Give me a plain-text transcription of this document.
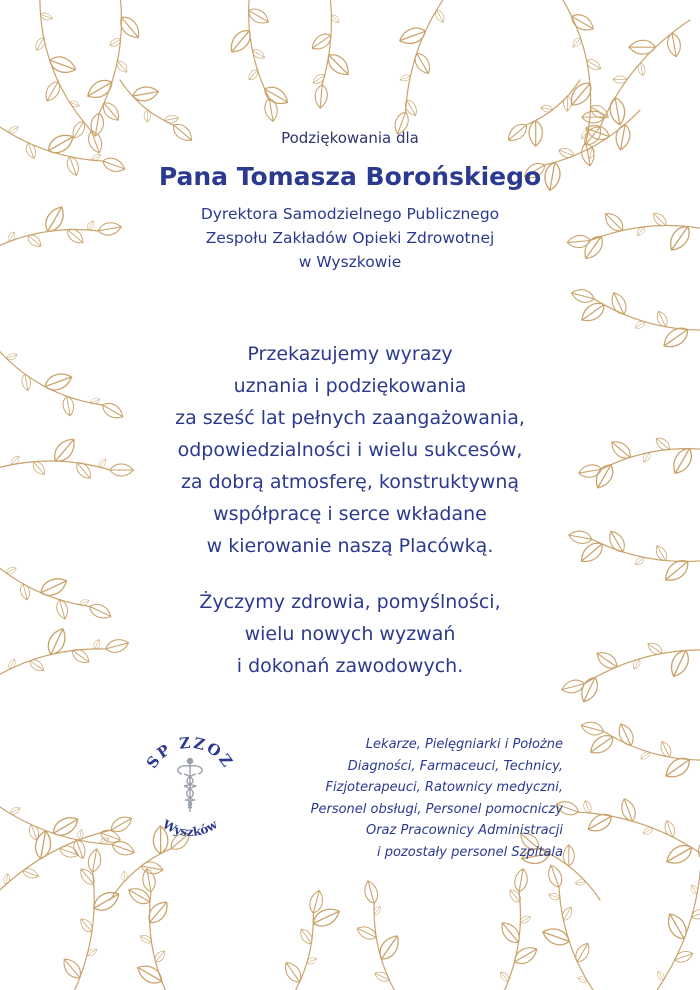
Podziękowania dla
Pana Tomasza Borońskiego
Dyrektora Samodzielnego Publicznego
Zespołu Zakładów Opieki Zdrowotnej
w Wyszkowie
Przekazujemy wyrazy
uznania i podziękowania
za sześć lat pełnych zaangażowania,
odpowiedzialności i wielu sukcesów,
za dobrą atmosferę, konstruktywną
współpracę i serce wkładane
w kierowanie naszą Placówką.
Życzymy zdrowia, pomyślności,
wielu nowych wyzwań
i dokonań zawodowych.
SP ZZOZ
Wyszków
Lekarze, Pielęgniarki i Położne
Diagności, Farmaceuci, Technicy,
Fizjoterapeuci, Ratownicy medyczni,
Personel obsługi, Personel pomocniczy
Oraz Pracownicy Administracji
i pozostały personel Szpitala
